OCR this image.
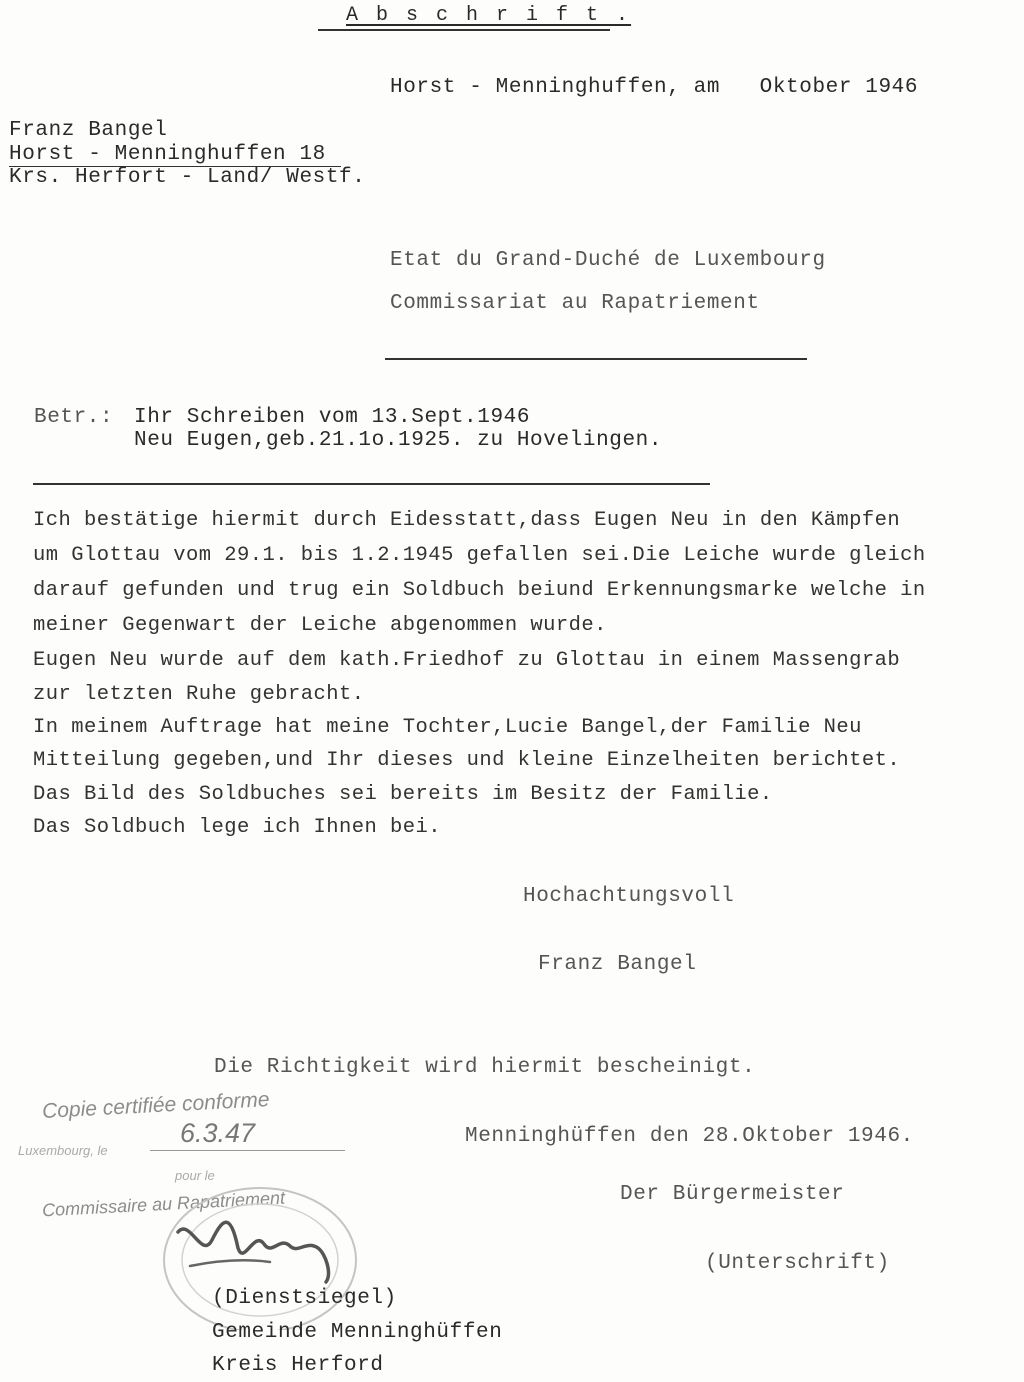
A b s c h r i f t .
Horst - Menninghuffen, am   Oktober 1946
Franz Bangel
Horst - Menninghuffen 18
Krs. Herfort - Land/ Westf.
Etat du Grand-Duché de Luxembourg
Commissariat au Rapatriement
Betr.: Ihr Schreiben vom 13.Sept.1946
Neu Eugen,geb.21.1o.1925. zu Hovelingen.
Ich bestätige hiermit durch Eidesstatt,dass Eugen Neu in den Kämpfen
um Glottau vom 29.1. bis 1.2.1945 gefallen sei.Die Leiche wurde gleich
darauf gefunden und trug ein Soldbuch beiund Erkennungsmarke welche in
meiner Gegenwart der Leiche abgenommen wurde.
Eugen Neu wurde auf dem kath.Friedhof zu Glottau in einem Massengrab
zur letzten Ruhe gebracht.
In meinem Auftrage hat meine Tochter,Lucie Bangel,der Familie Neu
Mitteilung gegeben,und Ihr dieses und kleine Einzelheiten berichtet.
Das Bild des Soldbuches sei bereits im Besitz der Familie.
Das Soldbuch lege ich Ihnen bei.
Hochachtungsvoll
Franz Bangel
Die Richtigkeit wird hiermit bescheinigt.
Copie certifiée conforme
6.3.47
Luxembourg, le
pour le
Commissaire au Rapatriement
Menninghüffen den 28.Oktober 1946.
Der Bürgermeister
(Unterschrift)
(Dienstsiegel)
Gemeinde Menninghüffen
Kreis Herford
